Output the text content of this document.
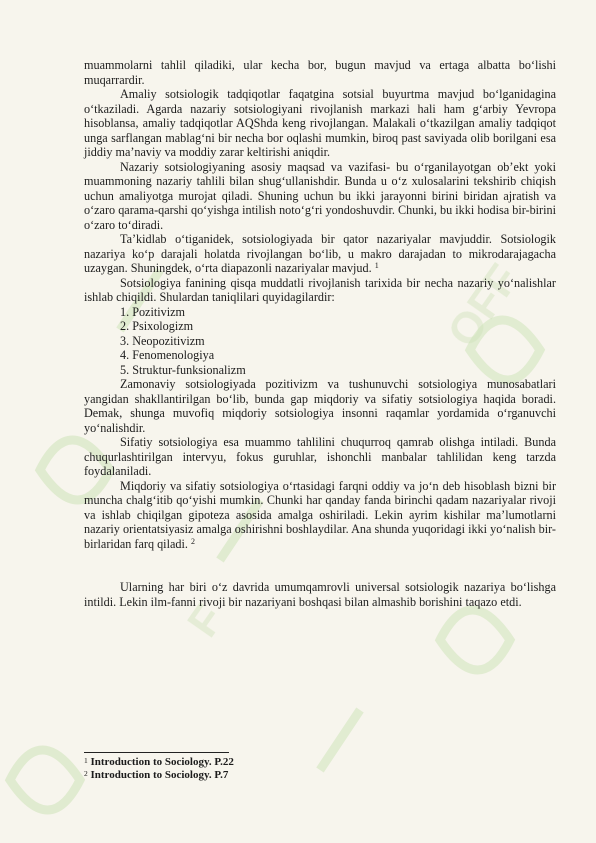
OFF
F

muammolarni tahlil qiladiki, ular kecha bor, bugun mavjud va ertaga albatta bo‘lishi muqarrardir.

Amaliy sotsiologik tadqiqotlar faqatgina sotsial buyurtma mavjud bo‘lganidagina o‘tkaziladi. Agarda nazariy sotsiologiyani rivojlanish markazi hali ham g‘arbiy Yevropa hisoblansa, amaliy tadqiqotlar AQShda keng rivojlangan. Malakali o‘tkazilgan amaliy tadqiqot unga sarflangan mablag‘ni bir necha bor oqlashi mumkin, biroq past saviyada olib borilgani esa jiddiy ma’naviy va moddiy zarar keltirishi aniqdir.

Nazariy sotsiologiyaning asosiy maqsad va vazifasi- bu o‘rganilayotgan ob’ekt yoki muammoning nazariy tahlili bilan shug‘ullanishdir. Bunda u o‘z xulosalarini tekshirib chiqish uchun amaliyotga murojat qiladi. Shuning uchun bu ikki jarayonni birini biridan ajratish va o‘zaro qarama-qarshi qo‘yishga intilish noto‘g‘ri yondoshuvdir. Chunki, bu ikki hodisa bir-birini o‘zaro to‘diradi.

Ta’kidlab o‘tiganidek, sotsiologiyada bir qator nazariyalar mavjuddir. Sotsiologik nazariya ko‘p darajali holatda rivojlangan bo‘lib, u makro darajadan to mikrodarajagacha uzaygan. Shuningdek, o‘rta diapazonli nazariyalar mavjud. $^1$

Sotsiologiya fanining qisqa muddatli rivojlanish tarixida bir necha nazariy yo‘nalishlar ishlab chiqildi. Shulardan taniqlilari quyidagilardir:

1. Pozitivizm
2. Psixologizm
3. Neopozitivizm
4. Fenomenologiya
5. Struktur-funksionalizm

Zamonaviy sotsiologiyada pozitivizm va tushunuvchi sotsiologiya munosabatlari yangidan shakllantirilgan bo‘lib, bunda gap miqdoriy va sifatiy sotsiologiya haqida boradi. Demak, shunga muvofiq miqdoriy sotsiologiya insonni raqamlar yordamida o‘rganuvchi yo‘nalishdir.

Sifatiy sotsiologiya esa muammo tahlilini chuqurroq qamrab olishga intiladi. Bunda chuqurlashtirilgan intervyu, fokus guruhlar, ishonchli manbalar tahlilidan keng tarzda foydalaniladi.

Miqdoriy va sifatiy sotsiologiya o‘rtasidagi farqni oddiy va jo‘n deb hisoblash bizni bir muncha chalg‘itib qo‘yishi mumkin. Chunki har qanday fanda birinchi qadam nazariyalar rivoji va ishlab chiqilgan gipoteza asosida amalga oshiriladi. Lekin ayrim kishilar ma’lumotlarni nazariy orientatsiyasiz amalga oshirishni boshlaydilar. Ana shunda yuqoridagi ikki yo‘nalish bir-birlaridan farq qiladi. $^2$

Ularning har biri o‘z davrida umumqamrovli universal sotsiologik nazariya bo‘lishga intildi. Lekin ilm-fanni rivoji bir nazariyani boshqasi bilan almashib borishini taqazo etdi.

$^1$ Introduction to Sociology. P.22
$^2$ Introduction to Sociology. P.7
